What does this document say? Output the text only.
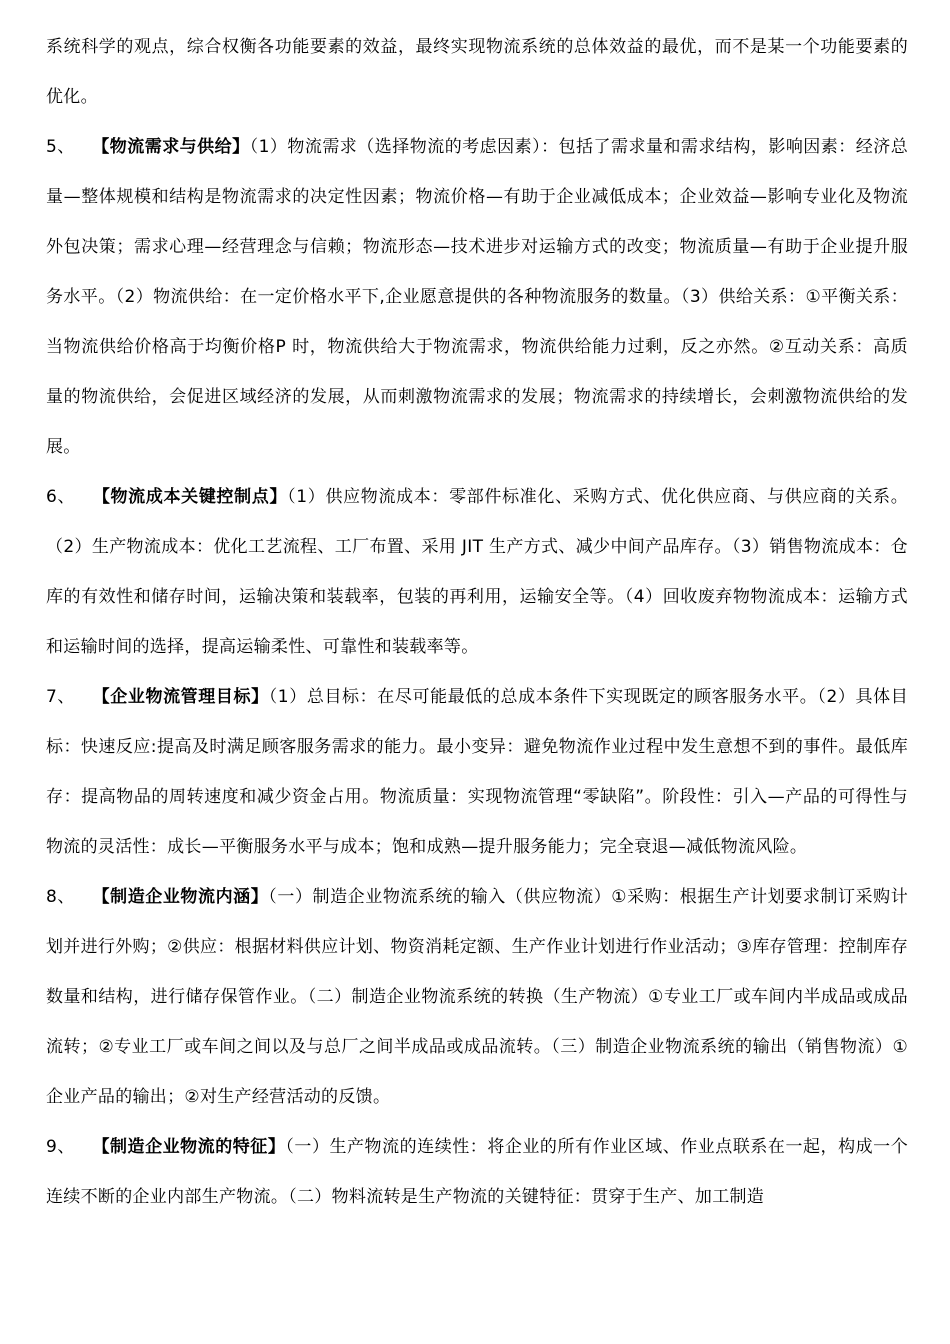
系统科学的观点，综合权衡各功能要素的效益，最终实现物流系统的总体效益的最优，而不是某一个功能要素的优化。

5、  【物流需求与供给】（1）物流需求（选择物流的考虑因素）：包括了需求量和需求结构，影响因素：经济总量—整体规模和结构是物流需求的决定性因素；物流价格—有助于企业减低成本；企业效益—影响专业化及物流外包决策；需求心理—经营理念与信赖；物流形态—技术进步对运输方式的改变；物流质量—有助于企业提升服务水平。（2）物流供给：在一定价格水平下,企业愿意提供的各种物流服务的数量。（3）供给关系：①平衡关系：当物流供给价格高于均衡价格P 时，物流供给大于物流需求，物流供给能力过剩，反之亦然。②互动关系：高质量的物流供给，会促进区域经济的发展，从而刺激物流需求的发展；物流需求的持续增长，会刺激物流供给的发展。

6、  【物流成本关键控制点】（1）供应物流成本：零部件标准化、采购方式、优化供应商、与供应商的关系。（2）生产物流成本：优化工艺流程、工厂布置、采用 JIT 生产方式、减少中间产品库存。（3）销售物流成本：仓库的有效性和储存时间，运输决策和装载率，包装的再利用，运输安全等。（4）回收废弃物物流成本：运输方式和运输时间的选择，提高运输柔性、可靠性和装载率等。

7、  【企业物流管理目标】（1）总目标：在尽可能最低的总成本条件下实现既定的顾客服务水平。（2）具体目标：快速反应:提高及时满足顾客服务需求的能力。最小变异：避免物流作业过程中发生意想不到的事件。最低库存：提高物品的周转速度和减少资金占用。物流质量：实现物流管理“零缺陷”。阶段性：引入—产品的可得性与物流的灵活性：成长—平衡服务水平与成本；饱和成熟—提升服务能力；完全衰退—减低物流风险。

8、  【制造企业物流内涵】（一）制造企业物流系统的输入（供应物流）①采购：根据生产计划要求制订采购计划并进行外购；②供应：根据材料供应计划、物资消耗定额、生产作业计划进行作业活动；③库存管理：控制库存数量和结构，进行储存保管作业。（二）制造企业物流系统的转换（生产物流）①专业工厂或车间内半成品或成品流转；②专业工厂或车间之间以及与总厂之间半成品或成品流转。（三）制造企业物流系统的输出（销售物流）①企业产品的输出；②对生产经营活动的反馈。

9、  【制造企业物流的特征】（一）生产物流的连续性：将企业的所有作业区域、作业点联系在一起，构成一个连续不断的企业内部生产物流。（二）物料流转是生产物流的关键特征：贯穿于生产、加工制造
